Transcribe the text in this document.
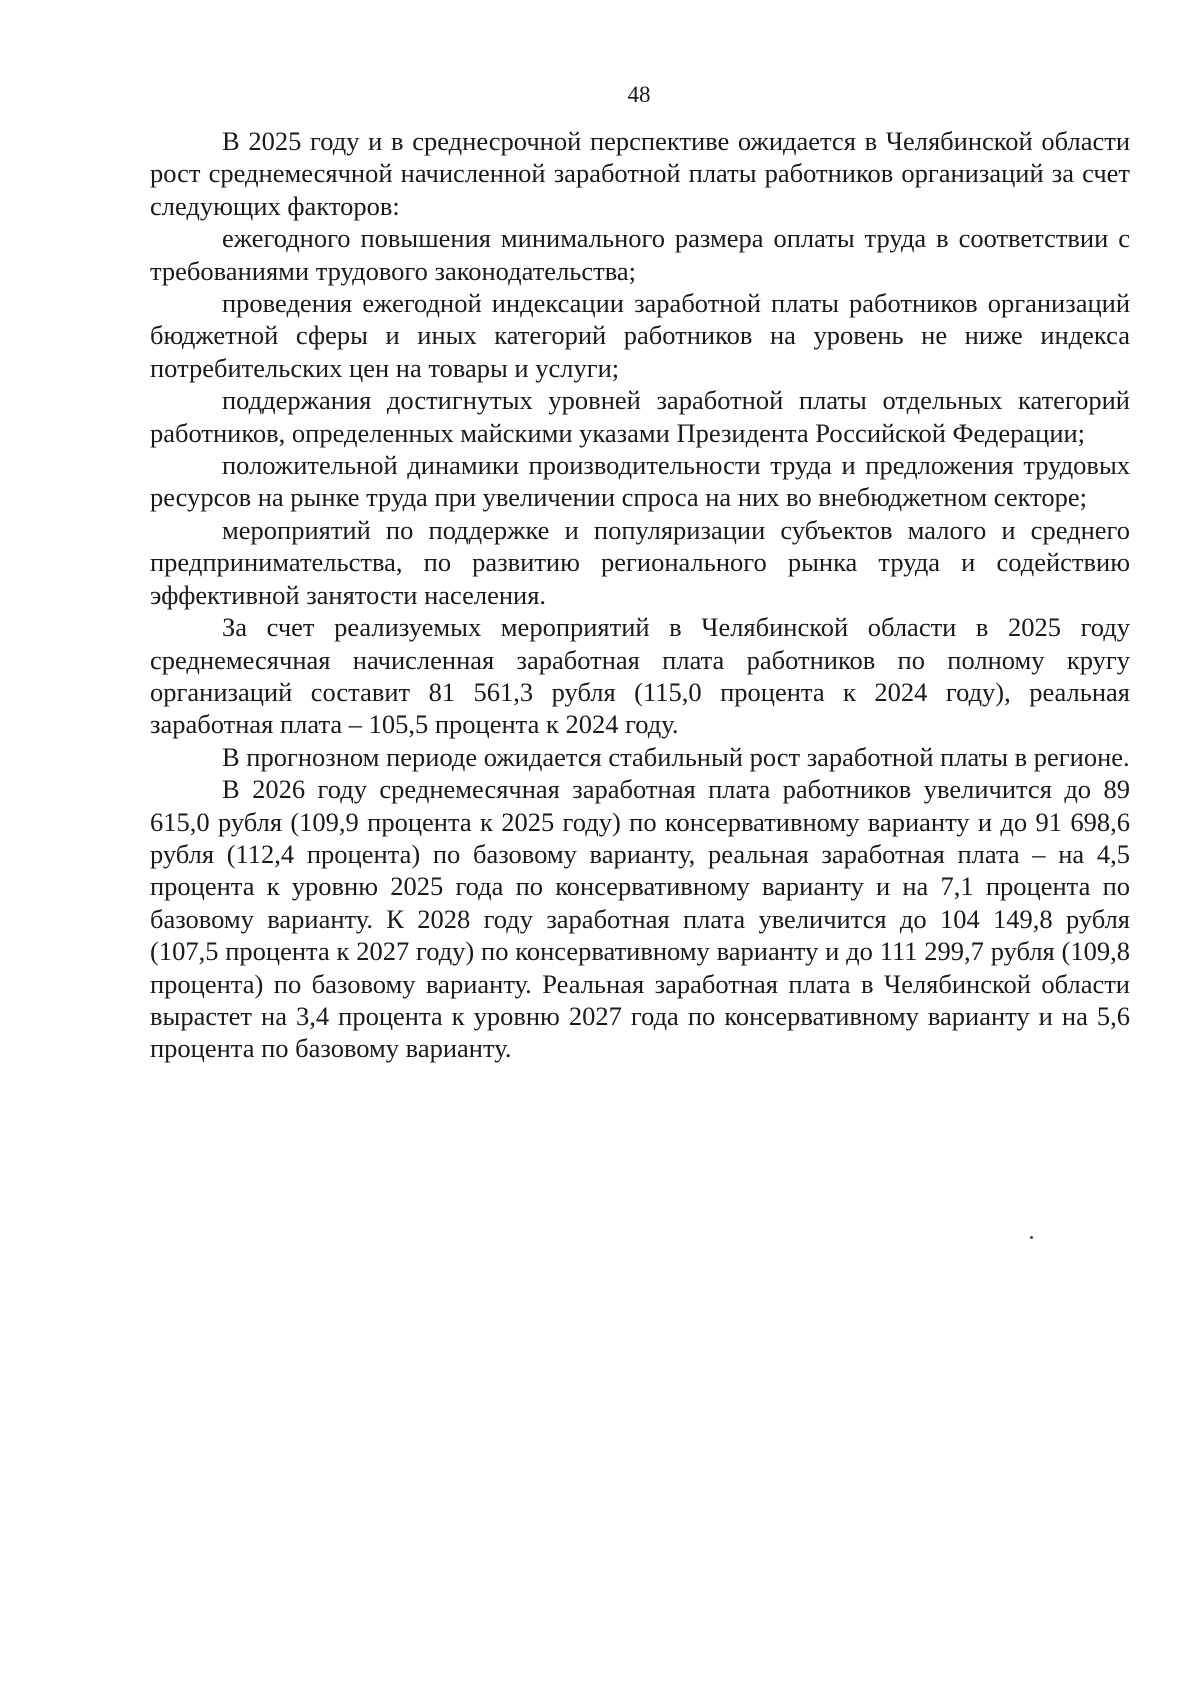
48

В 2025 году и в среднесрочной перспективе ожидается в Челябинской области рост среднемесячной начисленной заработной платы работников организаций за счет следующих факторов:

ежегодного повышения минимального размера оплаты труда в соответствии с требованиями трудового законодательства;

проведения ежегодной индексации заработной платы работников организаций бюджетной сферы и иных категорий работников на уровень не ниже индекса потребительских цен на товары и услуги;

поддержания достигнутых уровней заработной платы отдельных категорий работников, определенных майскими указами Президента Российской Федерации;

положительной динамики производительности труда и предложения трудовых ресурсов на рынке труда при увеличении спроса на них во внебюджетном секторе;

мероприятий по поддержке и популяризации субъектов малого и среднего предпринимательства, по развитию регионального рынка труда и содействию эффективной занятости населения.

За счет реализуемых мероприятий в Челябинской области в 2025 году среднемесячная начисленная заработная плата работников по полному кругу организаций составит 81 561,3 рубля (115,0 процента к 2024 году), реальная заработная плата – 105,5 процента к 2024 году.

В прогнозном периоде ожидается стабильный рост заработной платы в регионе.

В 2026 году среднемесячная заработная плата работников увеличится до 89 615,0 рубля (109,9 процента к 2025 году) по консервативному варианту и до 91 698,6 рубля (112,4 процента) по базовому варианту, реальная заработная плата – на 4,5 процента к уровню 2025 года по консервативному варианту и на 7,1 процента по базовому варианту. К 2028 году заработная плата увеличится до 104 149,8 рубля (107,5 процента к 2027 году) по консервативному варианту и до 111 299,7 рубля (109,8 процента) по базовому варианту. Реальная заработная плата в Челябинской области вырастет на 3,4 процента к уровню 2027 года по консервативному варианту и на 5,6 процента по базовому варианту.
